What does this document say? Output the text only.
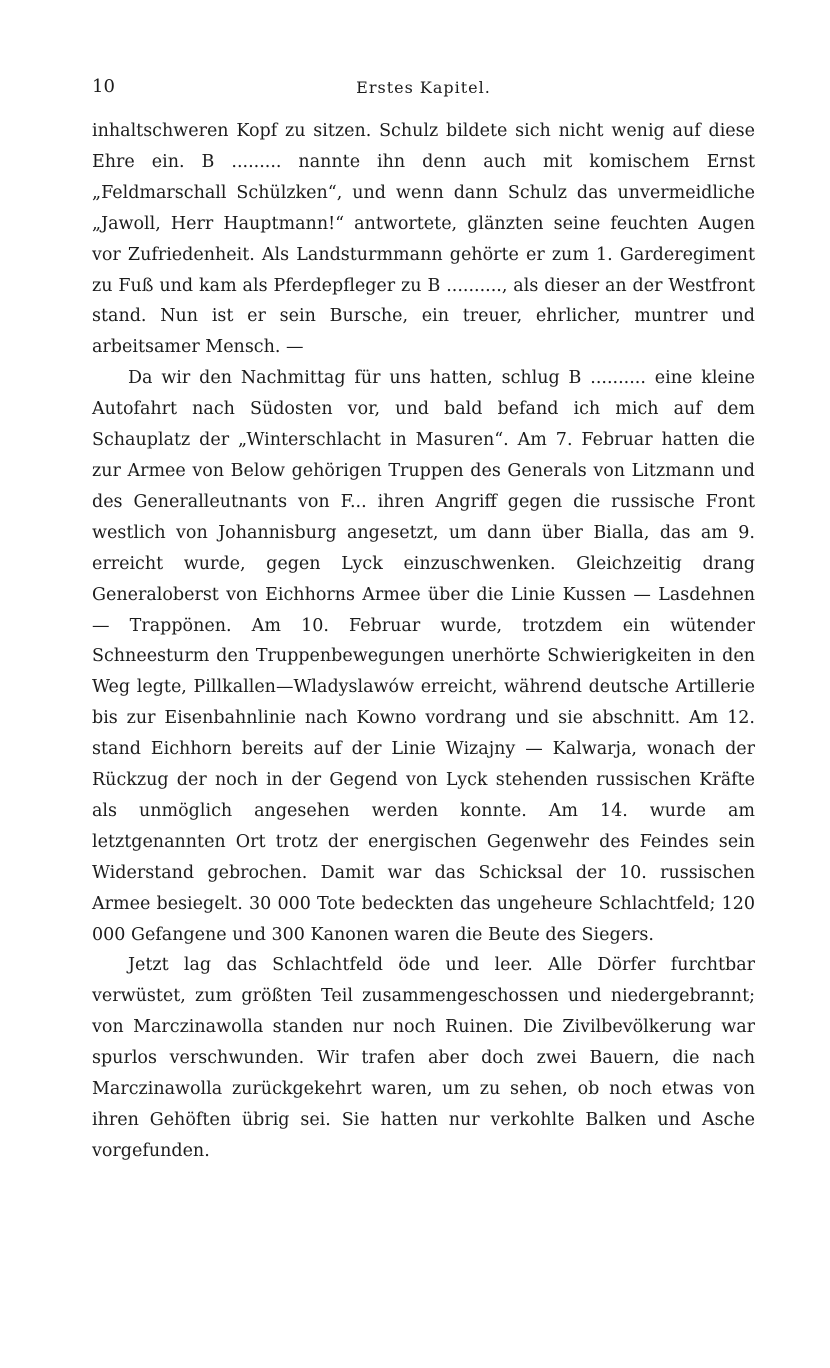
10	Erstes Kapitel.

inhaltschweren Kopf zu sitzen. Schulz bildete sich nicht wenig auf diese Ehre ein. B ......... nannte ihn denn auch mit komischem Ernst „Feldmarschall Schülzken“, und wenn dann Schulz das unvermeidliche „Jawoll, Herr Hauptmann!“ antwortete, glänzten seine feuchten Augen vor Zufriedenheit. Als Landsturmmann gehörte er zum 1. Garderegiment zu Fuß und kam als Pferdepfleger zu B .........., als dieser an der Westfront stand. Nun ist er sein Bursche, ein treuer, ehrlicher, muntrer und arbeitsamer Mensch. —

Da wir den Nachmittag für uns hatten, schlug B .......... eine kleine Autofahrt nach Südosten vor, und bald befand ich mich auf dem Schauplatz der „Winterschlacht in Masuren“. Am 7. Februar hatten die zur Armee von Below gehörigen Truppen des Generals von Litzmann und des Generalleutnants von F... ihren Angriff gegen die russische Front westlich von Johannisburg angesetzt, um dann über Bialla, das am 9. erreicht wurde, gegen Lyck einzuschwenken. Gleichzeitig drang Generaloberst von Eichhorns Armee über die Linie Kussen — Lasdehnen — Trappönen. Am 10. Februar wurde, trotzdem ein wütender Schneesturm den Truppenbewegungen unerhörte Schwierigkeiten in den Weg legte, Pillkallen—Wladyslawów erreicht, während deutsche Artillerie bis zur Eisenbahnlinie nach Kowno vordrang und sie abschnitt. Am 12. stand Eichhorn bereits auf der Linie Wizajny — Kalwarja, wonach der Rückzug der noch in der Gegend von Lyck stehenden russischen Kräfte als unmöglich angesehen werden konnte. Am 14. wurde am letztgenannten Ort trotz der energischen Gegenwehr des Feindes sein Widerstand gebrochen. Damit war das Schicksal der 10. russischen Armee besiegelt. 30 000 Tote bedeckten das ungeheure Schlachtfeld; 120 000 Gefangene und 300 Kanonen waren die Beute des Siegers.

Jetzt lag das Schlachtfeld öde und leer. Alle Dörfer furchtbar verwüstet, zum größten Teil zusammengeschossen und niedergebrannt; von Marczinawolla standen nur noch Ruinen. Die Zivilbevölkerung war spurlos verschwunden. Wir trafen aber doch zwei Bauern, die nach Marczinawolla zurückgekehrt waren, um zu sehen, ob noch etwas von ihren Gehöften übrig sei. Sie hatten nur verkohlte Balken und Asche vorgefunden.
